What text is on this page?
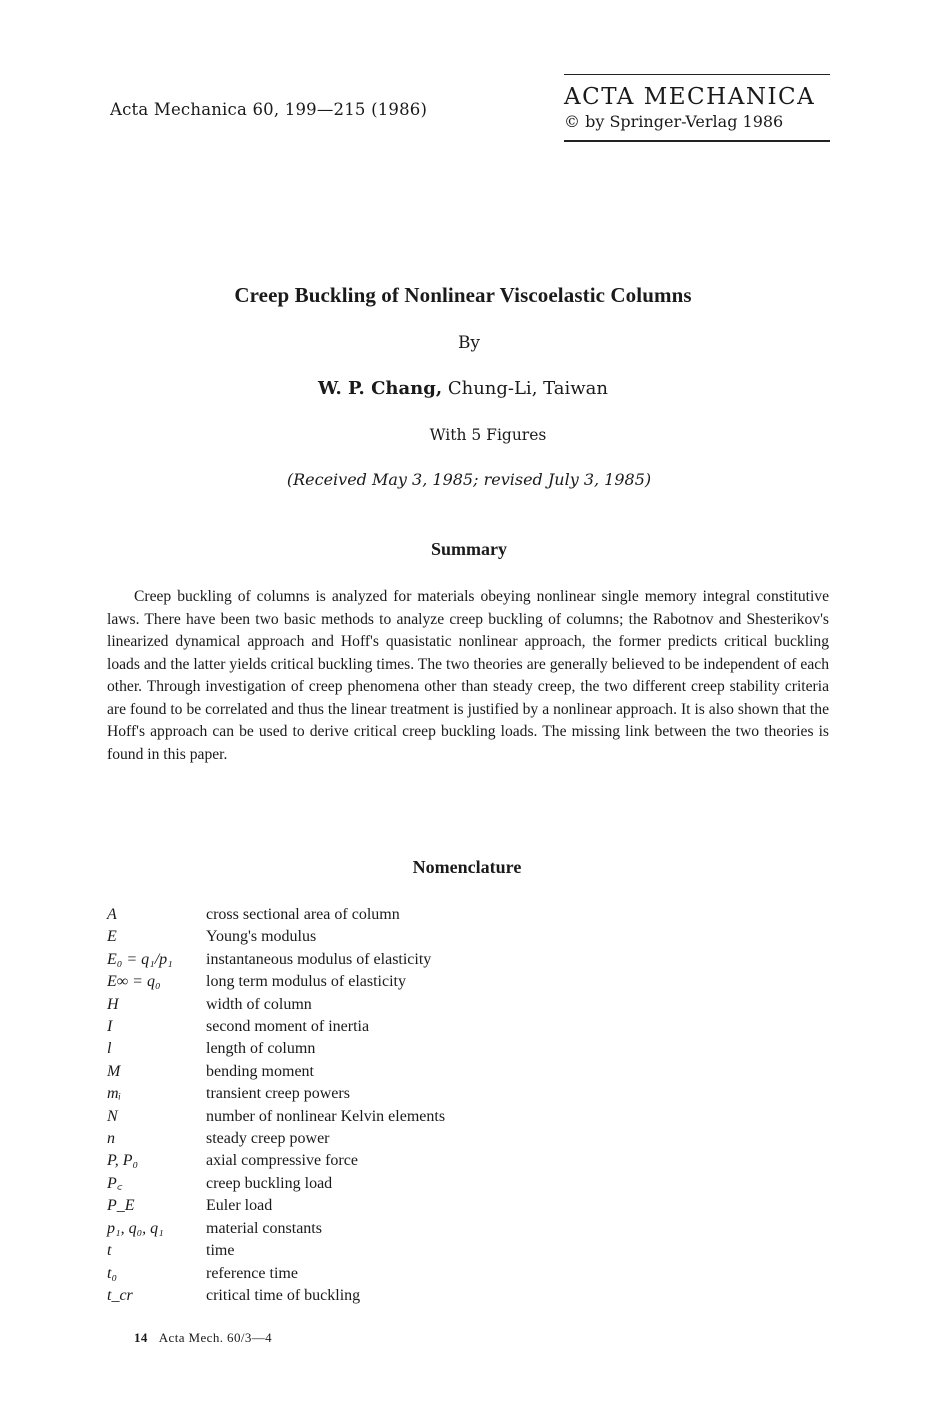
Acta Mechanica 60, 199—215 (1986)	ACTA MECHANICA
© by Springer-Verlag 1986
Creep Buckling of Nonlinear Viscoelastic Columns
By
W. P. Chang, Chung-Li, Taiwan
With 5 Figures
(Received May 3, 1985; revised July 3, 1985)
Summary

Creep buckling of columns is analyzed for materials obeying nonlinear single memory integral constitutive laws. There have been two basic methods to analyze creep buckling of columns; the Rabotnov and Shesterikov's linearized dynamical approach and Hoff's quasistatic nonlinear approach, the former predicts critical buckling loads and the latter yields critical buckling times. The two theories are generally believed to be independent of each other. Through investigation of creep phenomena other than steady creep, the two different creep stability criteria are found to be correlated and thus the linear treatment is justified by a nonlinear approach. It is also shown that the Hoff's approach can be used to derive critical creep buckling loads. The missing link between the two theories is found in this paper.

Nomenclature
A	cross sectional area of column
E	Young's modulus
E₀ = q₁/p₁	instantaneous modulus of elasticity
E∞ = q₀	long term modulus of elasticity
H	width of column
I	second moment of inertia
l	length of column
M	bending moment
mᵢ	transient creep powers
N	number of nonlinear Kelvin elements
n	steady creep power
P, P₀	axial compressive force
P꜀	creep buckling load
P_E	Euler load
p₁, q₀, q₁	material constants
t	time
t₀	reference time
t_cr	critical time of buckling
14 Acta Mech. 60/3—4
